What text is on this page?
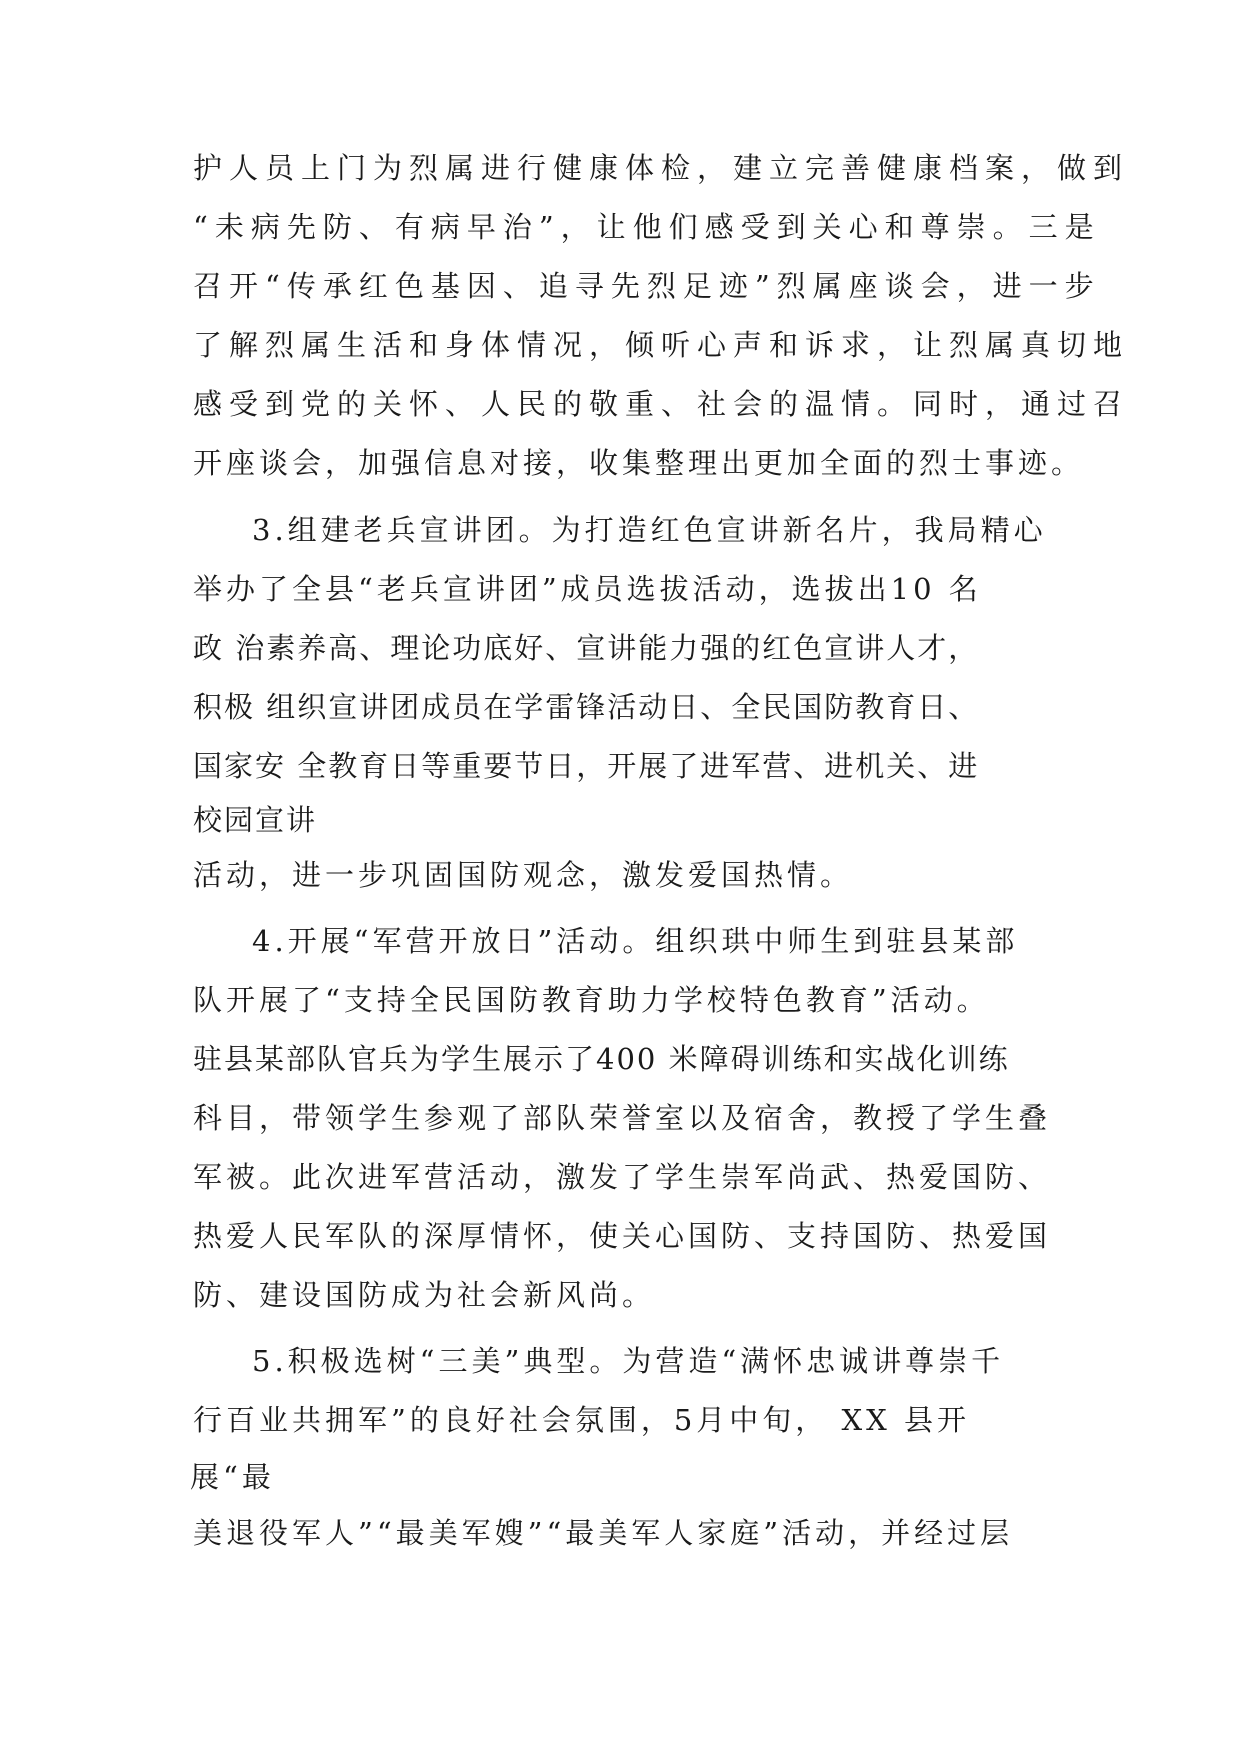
护人员上门为烈属进行健康体检，建立完善健康档案，做到
“未病先防、有病早治”，让他们感受到关心和尊崇。三是
召开“传承红色基因、追寻先烈足迹”烈属座谈会，进一步
了解烈属生活和身体情况，倾听心声和诉求，让烈属真切地
感受到党的关怀、人民的敬重、社会的温情。同时，通过召
开座谈会，加强信息对接，收集整理出更加全面的烈士事迹。
3.组建老兵宣讲团。为打造红色宣讲新名片，我局精心
举办了全县“老兵宣讲团”成员选拔活动，选拔出10 名
政 治素养高、理论功底好、宣讲能力强的红色宣讲人才，
积极 组织宣讲团成员在学雷锋活动日、全民国防教育日、
国家安 全教育日等重要节日，开展了进军营、进机关、进
校园宣讲
活动，进一步巩固国防观念，激发爱国热情。
4.开展“军营开放日”活动。组织珙中师生到驻县某部
队开展了“支持全民国防教育助力学校特色教育”活动。
驻县某部队官兵为学生展示了400 米障碍训练和实战化训练
科目，带领学生参观了部队荣誉室以及宿舍，教授了学生叠
军被。此次进军营活动，激发了学生崇军尚武、热爱国防、
热爱人民军队的深厚情怀，使关心国防、支持国防、热爱国
防、建设国防成为社会新风尚。
5.积极选树“三美”典型。为营造“满怀忠诚讲尊崇千
行百业共拥军”的良好社会氛围，5月中旬， XX 县开
展“最
美退役军人”“最美军嫂”“最美军人家庭”活动，并经过层
